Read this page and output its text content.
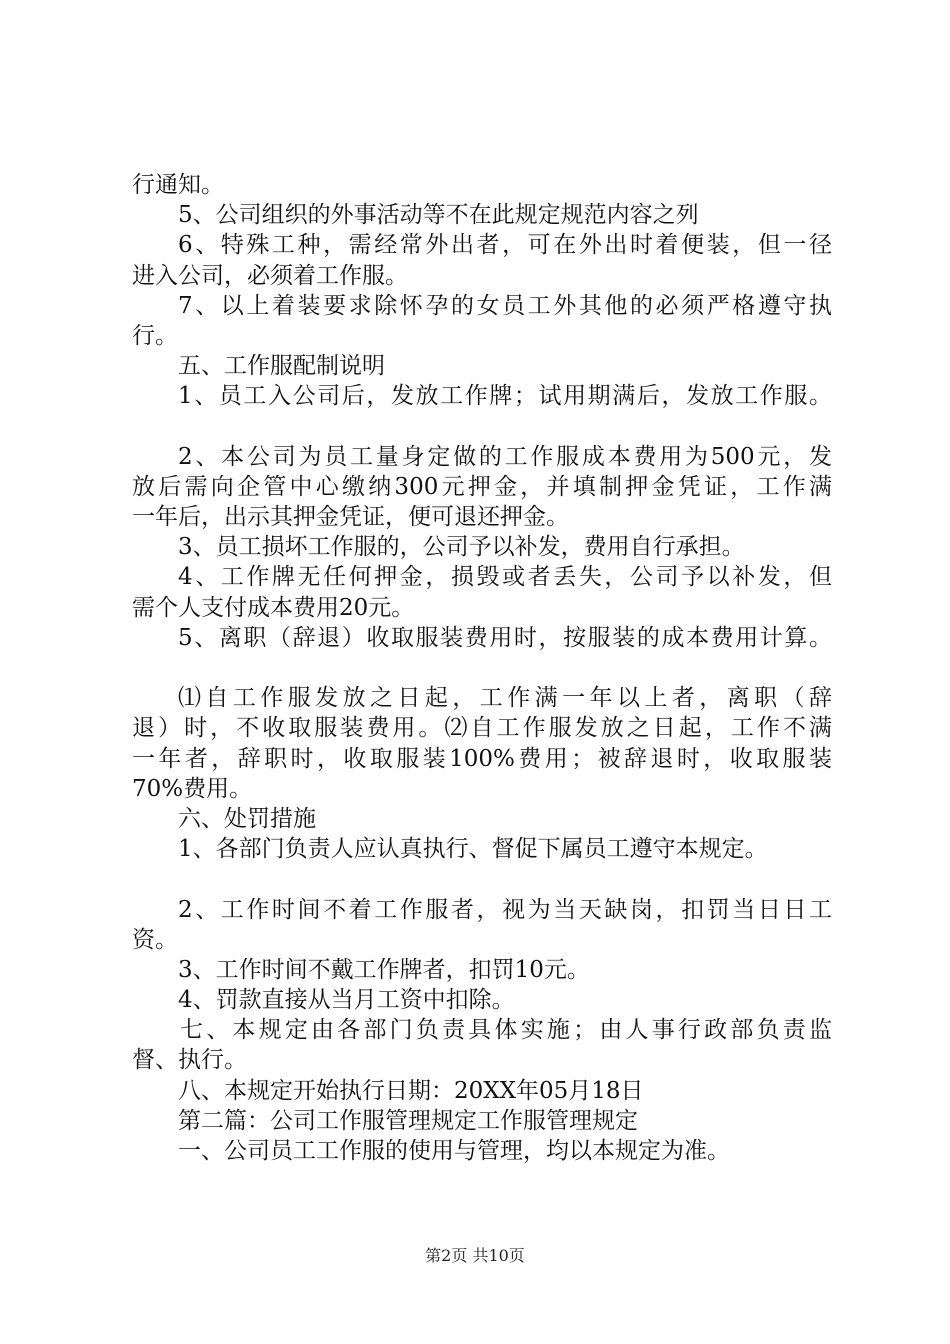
行通知。

5、公司组织的外事活动等不在此规定规范内容之列

6、特殊工种，需经常外出者，可在外出时着便装，但一径

进入公司，必须着工作服。

7、以上着装要求除怀孕的女员工外其他的必须严格遵守执

行。

五、工作服配制说明

1、员工入公司后，发放工作牌；试用期满后，发放工作服。

2、本公司为员工量身定做的工作服成本费用为500元，发

放后需向企管中心缴纳300元押金，并填制押金凭证，工作满

一年后，出示其押金凭证，便可退还押金。

3、员工损坏工作服的，公司予以补发，费用自行承担。

4、工作牌无任何押金，损毁或者丢失，公司予以补发，但

需个人支付成本费用20元。

5、离职（辞退）收取服装费用时，按服装的成本费用计算。

⑴自工作服发放之日起，工作满一年以上者，离职（辞

退）时，不收取服装费用。⑵自工作服发放之日起，工作不满

一年者，辞职时，收取服装100%费用；被辞退时，收取服装

70%费用。

六、处罚措施

1、各部门负责人应认真执行、督促下属员工遵守本规定。

2、工作时间不着工作服者，视为当天缺岗，扣罚当日日工

资。

3、工作时间不戴工作牌者，扣罚10元。

4、罚款直接从当月工资中扣除。

七、本规定由各部门负责具体实施；由人事行政部负责监

督、执行。

八、本规定开始执行日期：20XX年05月18日

第二篇：公司工作服管理规定工作服管理规定

一、公司员工工作服的使用与管理，均以本规定为准。

第2页 共10页
